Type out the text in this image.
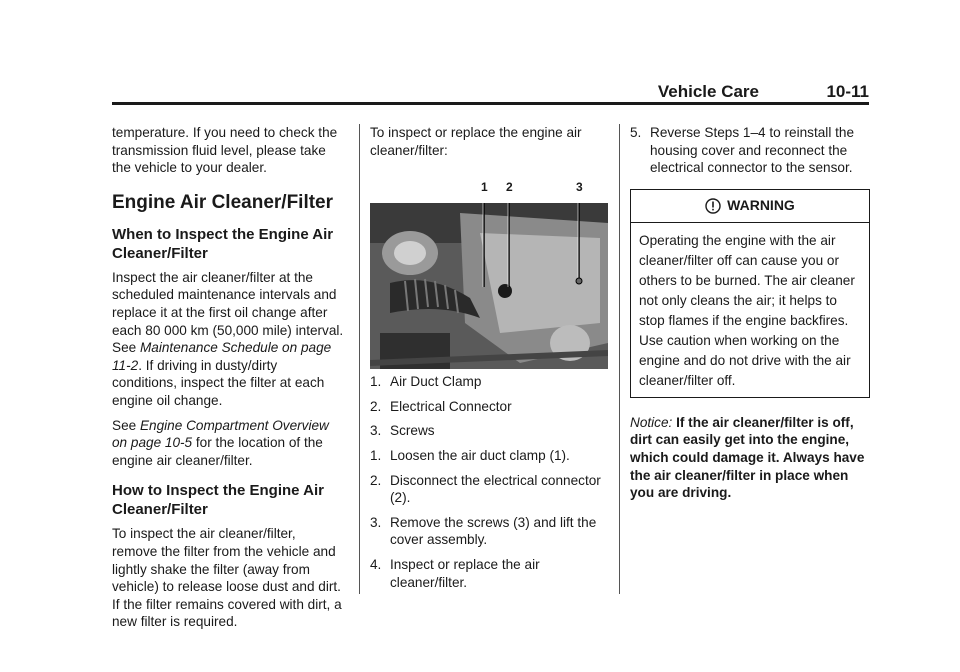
Vehicle Care	10-11

temperature. If you need to check the transmission fluid level, please take the vehicle to your dealer.

Engine Air Cleaner/Filter
When to Inspect the Engine Air Cleaner/Filter

Inspect the air cleaner/filter at the scheduled maintenance intervals and replace it at the first oil change after each 80 000 km (50,000 mile) interval. See Maintenance Schedule on page 11-2. If driving in dusty/dirty conditions, inspect the filter at each engine oil change.

See Engine Compartment Overview on page 10-5 for the location of the engine air cleaner/filter.

How to Inspect the Engine Air Cleaner/Filter

To inspect the air cleaner/filter, remove the filter from the vehicle and lightly shake the filter (away from vehicle) to release loose dust and dirt. If the filter remains covered with dirt, a new filter is required.

To inspect or replace the engine air cleaner/filter:

1 2	3
1. Air Duct Clamp
2. Electrical Connector
3. Screws
1. Loosen the air duct clamp (1).
2. Disconnect the electrical connector (2).
3. Remove the screws (3) and lift the cover assembly.
4. Inspect or replace the air cleaner/filter.
5. Reverse Steps 1–4 to reinstall the housing cover and reconnect the electrical connector to the sensor.
WARNING
Operating the engine with the air cleaner/filter off can cause you or others to be burned. The air cleaner not only cleans the air; it helps to stop flames if the engine backfires. Use caution when working on the engine and do not drive with the air cleaner/filter off.
Notice: If the air cleaner/filter is off, dirt can easily get into the engine, which could damage it. Always have the air cleaner/filter in place when you are driving.
